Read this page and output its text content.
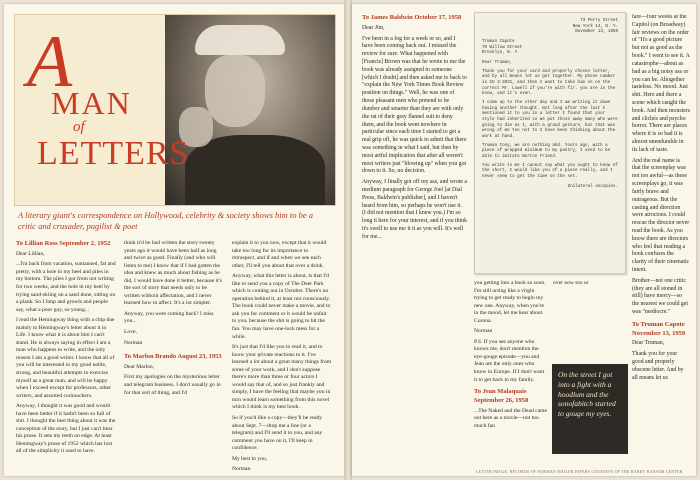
A
MAN
of
LETTERS
A literary giant's correspondence on Hollywood, celebrity & society shows him to be a critic and crusader, pugilist & poet
To Lillian Ross September 2, 1952

Dear Lillian,

...I'm back from vacation, suntanned, fat and pretty, with a hole in my heel and piles in my bottom. The piles I got from not writing for two weeks, and the hole in my heel by trying sand-skiing on a sand dune, sitting on a plank. So I limp and growls and people say, what a poor guy, so young...

I read the Hemingway thing with a chip due mainly to Hemingway's letter about it in Life. I know what it is about him I can't stand. He is always saying in effect I am a man who happens to write, and the only reason I am a good writer. I know that all of you will be interested in my good noble, strong, and beautiful attempts to exercise myself as a great man, and will be happy when I exceed except for professors, other writers, and assorted cocksuckers.

Anyway, I thought it was good and would have been better if it hadn't been so full of shit. I thought the best thing about it was the conception of the story, but I just can't bear his prose. It sets my teeth on edge. At least Hemingway's prose of 1952 which has lost all of the simplicity it used to have.

think it'd be bad written the story twenty years ago it would have been half as long and twice as good. Finally (and who will listen to me) I know that if I had gotten the idea and knew as much about fishing as he did, I would have done it better, because it's the sort of story that needs only to be written without affectation, and I never learned how to affect. It's a lot simpler.

Anyway, you were coming back? I miss you...

Love,

Norman

To Marlon Brando August 23, 1953

Dear Marlon,

First my apologies on the mysterious letter and telegram business. I don't usually go in for that sort of thing, and I'd

explain it to you now, except that it would take too long for its importance to retrospect, and if and when we see each other, I'll tell you about that over a drink.

Anyway, what this letter is about, is that I'd like to send you a copy of The Deer Park which is coming out in October. There's no operation behind it, at least not consciously. The book could never make a movie, and to ask you for comment or it would be unfair to you, because the shit is going to hit the fan. You may have one-lock mess for a while.

It's just that I'd like you to read it, and to know your private reactions to it. I've learned a lot about a great many things from some of your work, and I don't suppose there's more than three or four actors I would say that of, and so just frankly and simply, I have the feeling that maybe you in turn would learn something from this novel which I think is my best book.

So if you'd like a copy—they'll be ready about Sept. 7—drop me a line (or a telegram) and I'll send it to you, and any comment you have on it, I'll keep in confidence.

My best to you,

Norman

To James Baldwin October 17, 1958

Dear Jim,

I've been in a fog for a week or so, and I have been coming back out. I missed the review for sure. What happened with [Francis] Brown was that he wrote to me the book was already assigned to someone [which I doubt] and then asked me to back to "explain the New York Times Book Review position on things." Well, he was one of those pleasant men who pretend to be dumber and smarter than they are with only the rat of their gray flannel suit to deny them, and the book went nowhere in particular since each time I started to get a real grip off, he was quick to admit that there was something in what I said, but then by most artful implication that after all weren't most writers just "blowing up" when you got down to it. So, no decision.

Anyway, I finally got off my ass, and wrote a medium paragraph for George Joel [at Dial Press, Baldwin's publisher], and I haven't heard from him, so perhaps he won't use it. (I did not mention that I knew you.) I'm so long it here for your interest, and if you think it's swell to use me it it as you will. It's well for me...

73 Perry Street
New York 14, N. Y.
November 13, 1959
Truman Capote
70 Willow Street
Brooklyn, N. Y.

Dear Truman,

Thank you for your card and properly chosen letter, and by all means let us get together. My phone number is CH 3-3031, and then I want to take him on on the correct Mr. Lowell if you're with fir. you are in the know, and it's even.

I come up to the other day and I am writing it down having another thought. Not long after the last I mentioned it to you in a letter I found that your style had inherited so we put those away many who were going to die as I, with a grand gesture, but that was wrong of me ten not to I have been thinking about the work at hand.

Truman tony, we are nothing ahd. Yours ago, with a piece of wrapped minimum to my pantry, I used to be able to imitate Norton Friend.

You write to me I cannot say what you ought to know of the short, I would like you of a piece really, and I never seem to get the time on the set.

Unilateral oncopies.

fare—four weeks at the Capitol (on Broadway) fair reviews on the order of "It's a good picture but not as good as the book." I went to see it. A catastrophe—about as bad as a big noisy ass or you can be. Altogether tasteless. No mood. Just shit. Here and there a scene which caught the book. And then monsters and clichés and psycho horror. There are places where it is so bad it is almost unendurable in its lack of taste.

And the real name is that the screenplay was not too awful—as these screenplays go, it was fairly brave and outrageous. But the casting and direction were atrocious. I could rescue the director never read the book. As you know there are directors who feel that reading a book confuses the clarity of their cinematic intent.

Brother—not one critic (they are all stoned in still) have mercy—so the nearest we could get was "mediocre."

To Truman Capote November 13, 1959

Dear Truman,

Thank you for your good and properly obscene letter. And by all means let us

you getting into a book so soon. I'm still acting like a virgin trying to get ready to begin my new one. Anyway, when you're in the mood, let me hear about Corona.

Norman

P.S. If you see anyone who knows me, don't mention the eye-gouge episode—you and Jean are the only ones who know in Europe. If I don't want it to get back to my family.

To Jean Malaquais September 26, 1958

...The Naked and the Dead came out here as a movie—not too much fan

over now too or

On the street I got into a fight with a hoodlum and the sonofabitch started to gouge my eyes.
LETTER IMAGE: RECORDS OF NORMAN MAILER PAPERS COURTESY OF THE HARRY RANSOM CENTER
